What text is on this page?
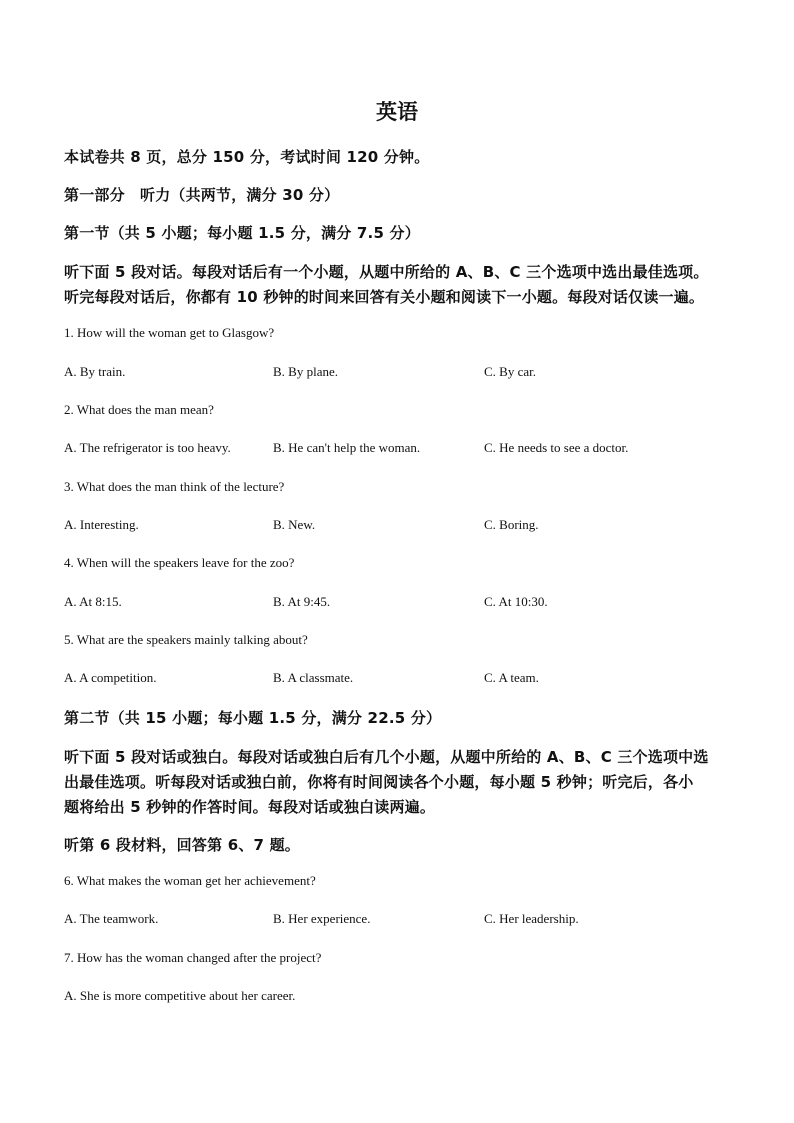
英语
本试卷共 8 页，总分 150 分，考试时间 120 分钟。
第一部分　听力（共两节，满分 30 分）
第一节（共 5 小题；每小题 1.5 分，满分 7.5 分）
听下面 5 段对话。每段对话后有一个小题，从题中所给的 A、B、C 三个选项中选出最佳选项。
听完每段对话后，你都有 10 秒钟的时间来回答有关小题和阅读下一小题。每段对话仅读一遍。
1. How will the woman get to Glasgow?
A. By train.	B. By plane.	C. By car.
2. What does the man mean?
A. The refrigerator is too heavy.	B. He can't help the woman.	C. He needs to see a doctor.
3. What does the man think of the lecture?
A. Interesting.	B. New.	C. Boring.
4. When will the speakers leave for the zoo?
A. At 8:15.	B. At 9:45.	C. At 10:30.
5. What are the speakers mainly talking about?
A. A competition.	B. A classmate.	C. A team.
第二节（共 15 小题；每小题 1.5 分，满分 22.5 分）
听下面 5 段对话或独白。每段对话或独白后有几个小题，从题中所给的 A、B、C 三个选项中选
出最佳选项。听每段对话或独白前，你将有时间阅读各个小题，每小题 5 秒钟；听完后，各小
题将给出 5 秒钟的作答时间。每段对话或独白读两遍。
听第 6 段材料，回答第 6、7 题。
6. What makes the woman get her achievement?
A. The teamwork.	B. Her experience.	C. Her leadership.
7. How has the woman changed after the project?
A. She is more competitive about her career.
